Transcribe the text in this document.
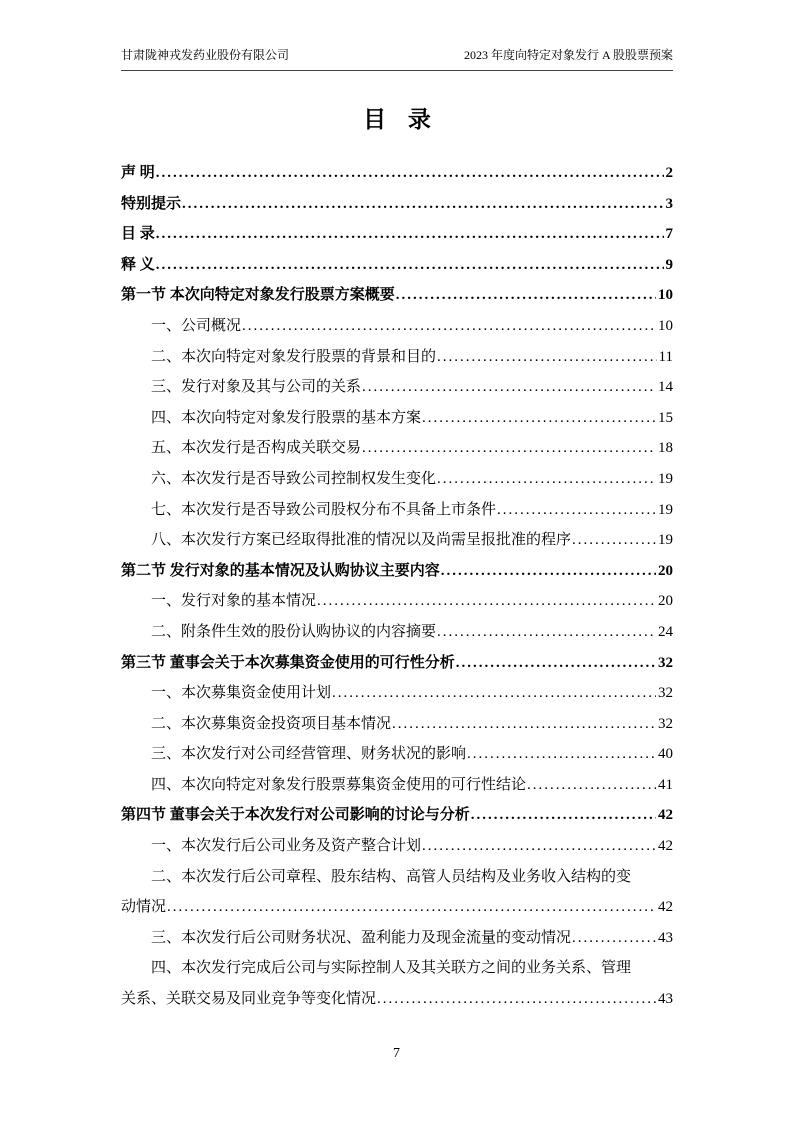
甘肃陇神戎发药业股份有限公司	2023 年度向特定对象发行 A 股股票预案
目 录
声 明 .....	2
特别提示 .....	3
目 录 .....	7
释 义 .....	9
第一节 本次向特定对象发行股票方案概要 .....	10
一、公司概况 .....	10
二、本次向特定对象发行股票的背景和目的 .....	11
三、发行对象及其与公司的关系 .....	14
四、本次向特定对象发行股票的基本方案 .....	15
五、本次发行是否构成关联交易 .....	18
六、本次发行是否导致公司控制权发生变化 .....	19
七、本次发行是否导致公司股权分布不具备上市条件 .....	19
八、本次发行方案已经取得批准的情况以及尚需呈报批准的程序 .....	19
第二节 发行对象的基本情况及认购协议主要内容 .....	20
一、发行对象的基本情况 .....	20
二、附条件生效的股份认购协议的内容摘要 .....	24
第三节 董事会关于本次募集资金使用的可行性分析 .....	32
一、本次募集资金使用计划 .....	32
二、本次募集资金投资项目基本情况 .....	32
三、本次发行对公司经营管理、财务状况的影响 .....	40
四、本次向特定对象发行股票募集资金使用的可行性结论 .....	41
第四节 董事会关于本次发行对公司影响的讨论与分析 .....	42
一、本次发行后公司业务及资产整合计划 .....	42
二、本次发行后公司章程、股东结构、高管人员结构及业务收入结构的变
动情况 .....	42
三、本次发行后公司财务状况、盈利能力及现金流量的变动情况 .....	43
四、本次发行完成后公司与实际控制人及其关联方之间的业务关系、管理
关系、关联交易及同业竞争等变化情况 .....	43
7
